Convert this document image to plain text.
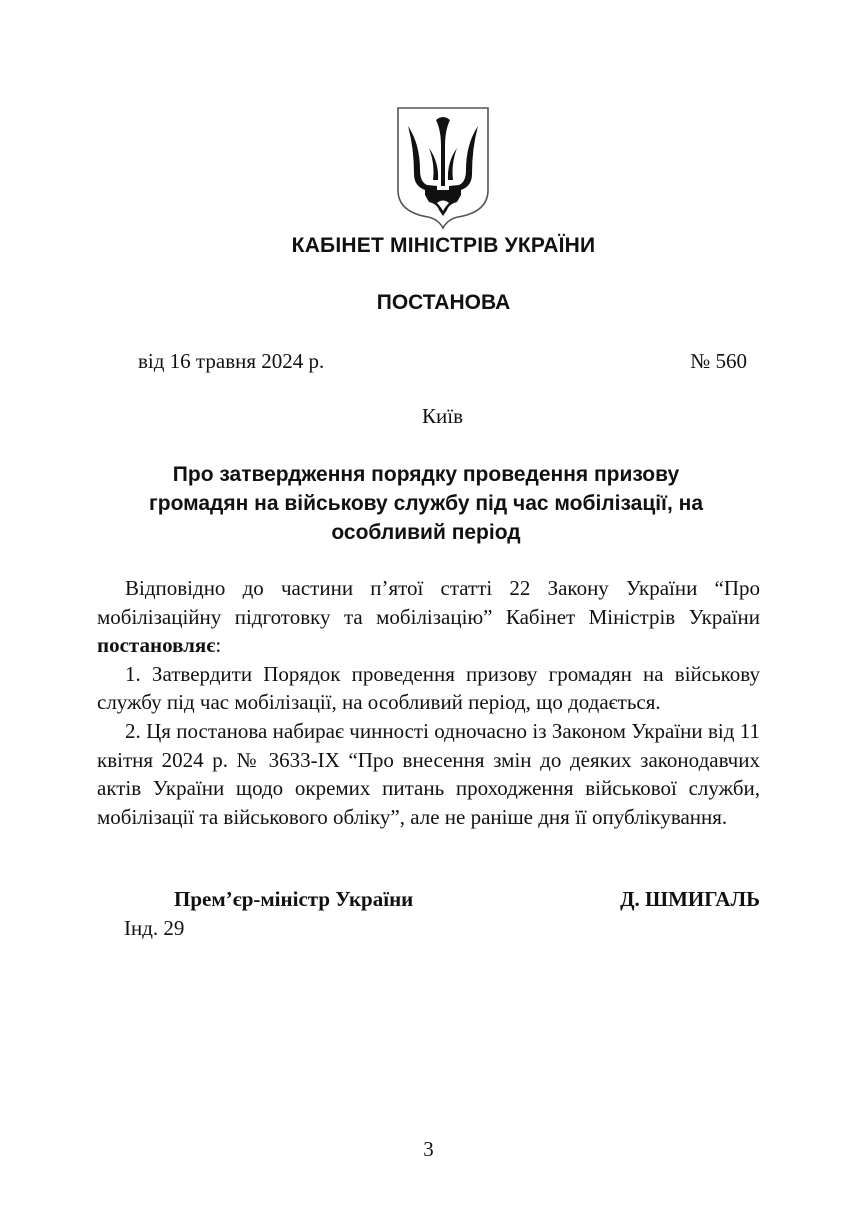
КАБІНЕТ МІНІСТРІВ УКРАЇНИ
ПОСТАНОВА
від 16 травня 2024 р.	№ 560
Київ
Про затвердження порядку проведення призову
громадян на військову службу під час мобілізації, на
особливий період

Відповідно до частини п’ятої статті 22 Закону України “Про мобілізаційну підготовку та мобілізацію” Кабінет Міністрів України постановляє:

1. Затвердити Порядок проведення призову громадян на військову службу під час мобілізації, на особливий період, що додається.

2. Ця постанова набирає чинності одночасно із Законом України від 11 квітня 2024 р. № 3633-IX “Про внесення змін до деяких законодавчих актів України щодо окремих питань проходження військової служби, мобілізації та військового обліку”, але не раніше дня її опублікування.

Прем’єр-міністр України	Д. ШМИГАЛЬ
Інд. 29
3
